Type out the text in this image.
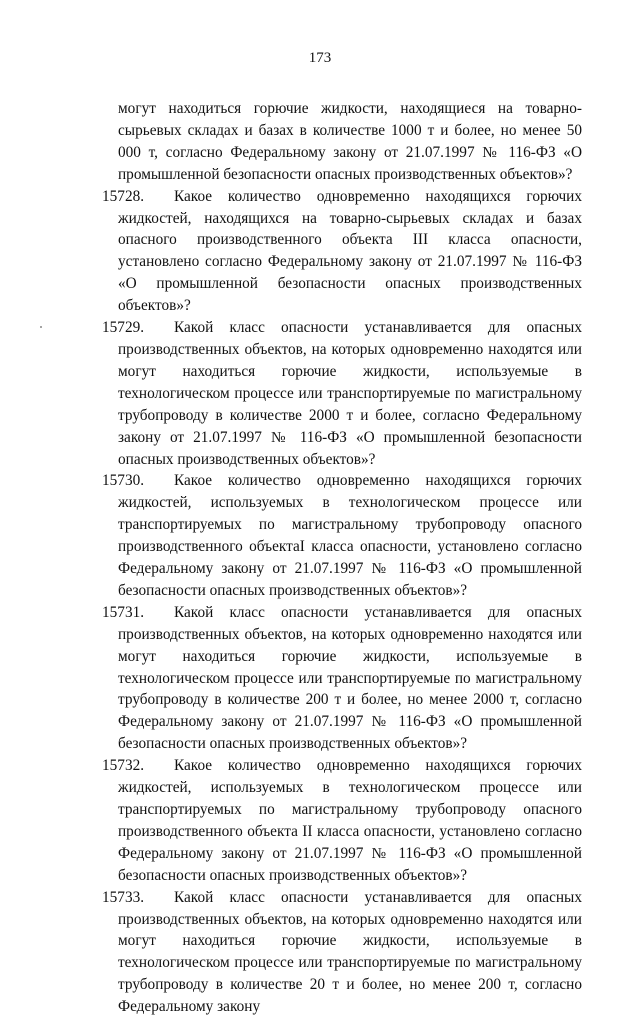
173

могут находиться горючие жидкости, находящиеся на товарно-сырьевых складах и базах в количестве 1000 т и более, но менее 50 000 т, согласно Федеральному закону от 21.07.1997 № 116-ФЗ «О промышленной безопасности опасных производственных объектов»?

15728. Какое количество одновременно находящихся горючих жидкостей, находящихся на товарно-сырьевых складах и базах опасного производственного объекта III класса опасности, установлено согласно Федеральному закону от 21.07.1997 № 116-ФЗ «О промышленной безопасности опасных производственных объектов»?

15729. Какой класс опасности устанавливается для опасных производственных объектов, на которых одновременно находятся или могут находиться горючие жидкости, используемые в технологическом процессе или транспортируемые по магистральному трубопроводу в количестве 2000 т и более, согласно Федеральному закону от 21.07.1997 № 116-ФЗ «О промышленной безопасности опасных производственных объектов»?

15730. Какое количество одновременно находящихся горючих жидкостей, используемых в технологическом процессе или транспортируемых по магистральному трубопроводу опасного производственного объектаI класса опасности, установлено согласно Федеральному закону от 21.07.1997 № 116-ФЗ «О промышленной безопасности опасных производственных объектов»?

15731. Какой класс опасности устанавливается для опасных производственных объектов, на которых одновременно находятся или могут находиться горючие жидкости, используемые в технологическом процессе или транспортируемые по магистральному трубопроводу в количестве 200 т и более, но менее 2000 т, согласно Федеральному закону от 21.07.1997 № 116-ФЗ «О промышленной безопасности опасных производственных объектов»?

15732. Какое количество одновременно находящихся горючих жидкостей, используемых в технологическом процессе или транспортируемых по магистральному трубопроводу опасного производственного объекта II класса опасности, установлено согласно Федеральному закону от 21.07.1997 № 116-ФЗ «О промышленной безопасности опасных производственных объектов»?

15733. Какой класс опасности устанавливается для опасных производственных объектов, на которых одновременно находятся или могут находиться горючие жидкости, используемые в технологическом процессе или транспортируемые по магистральному трубопроводу в количестве 20 т и более, но менее 200 т, согласно Федеральному закону
